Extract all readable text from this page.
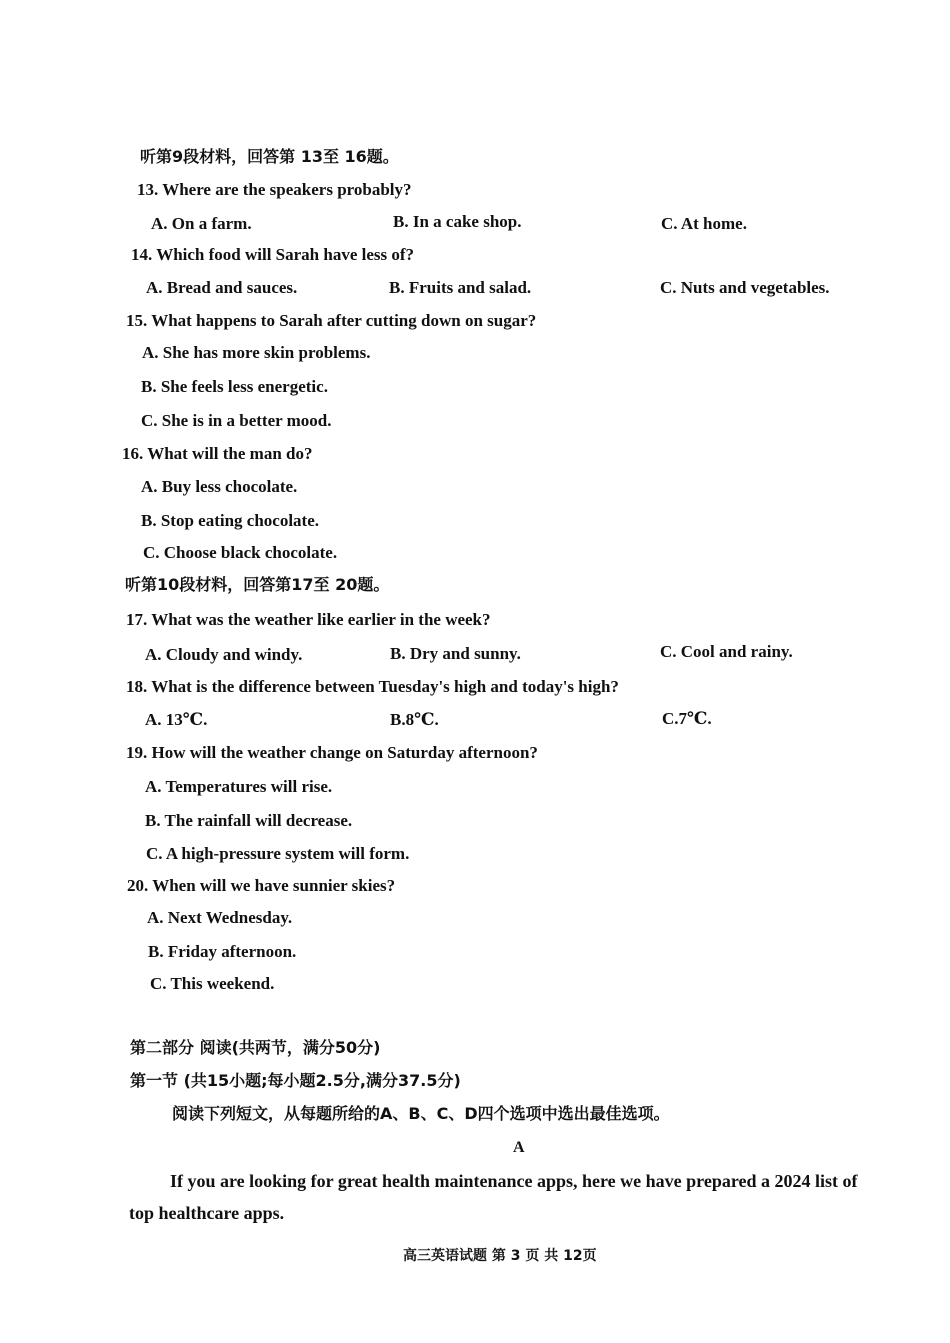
听第9段材料，回答第 13至 16题。
13. Where are the speakers probably?
A. On a farm.	B. In a cake shop.	C. At home.
14. Which food will Sarah have less of?
A. Bread and sauces.	B. Fruits and salad.	C. Nuts and vegetables.
15. What happens to Sarah after cutting down on sugar?
A. She has more skin problems.
B. She feels less energetic.
C. She is in a better mood.
16. What will the man do?
A. Buy less chocolate.
B. Stop eating chocolate.
C. Choose black chocolate.
听第10段材料，回答第17至 20题。
17. What was the weather like earlier in the week?
A. Cloudy and windy.	B. Dry and sunny.	C. Cool and rainy.
18. What is the difference between Tuesday's high and today's high?
A. 13℃.	B.8℃.	C.7℃.
19. How will the weather change on Saturday afternoon?
A. Temperatures will rise.
B. The rainfall will decrease.
C. A high-pressure system will form.
20. When will we have sunnier skies?
A. Next Wednesday.
B. Friday afternoon.
C. This weekend.
第二部分 阅读(共两节，满分50分)
第一节 (共15小题;每小题2.5分,满分37.5分)
阅读下列短文，从每题所给的A、B、C、D四个选项中选出最佳选项。
A
If you are looking for great health maintenance apps, here we have prepared a 2024 list of
top healthcare apps.
高三英语试题 第 3 页 共 12页
